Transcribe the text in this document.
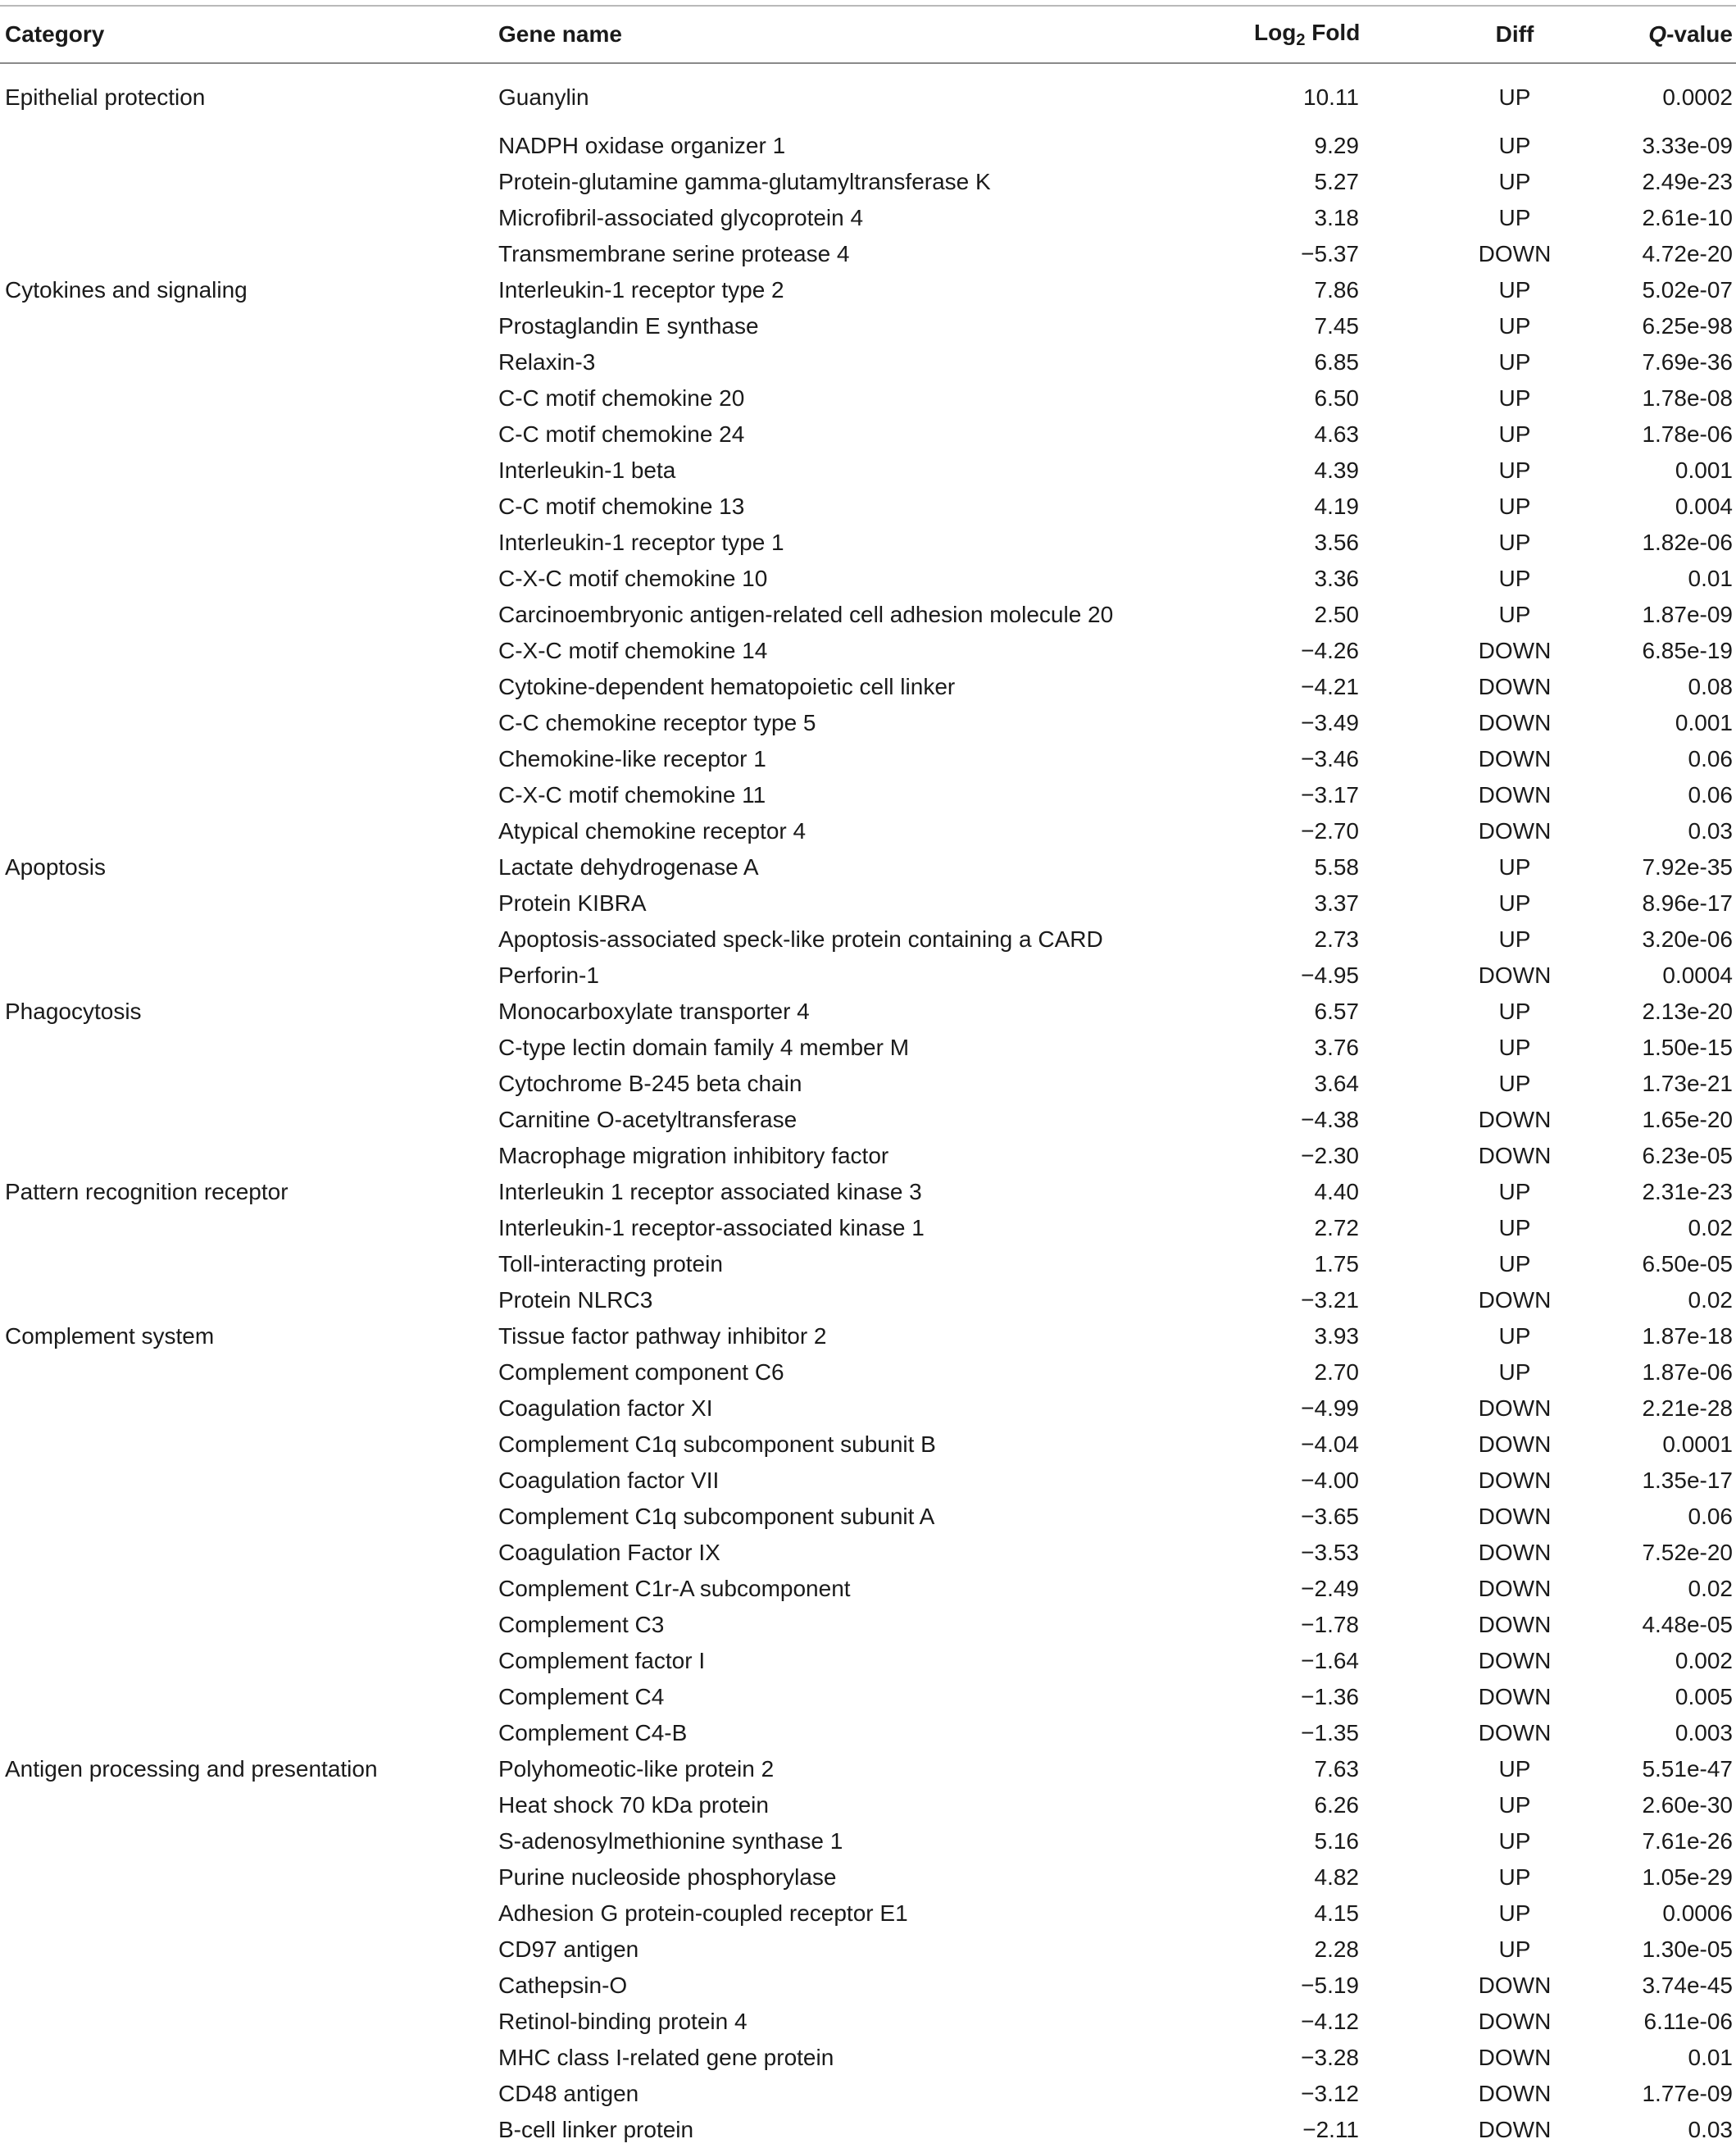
Category	Gene name	Log$_2$ Fold		Diff	Q-value
Epithelial protection	Guanylin	10.11		UP	0.0002
	NADPH oxidase organizer 1	9.29		UP	3.33e-09
	Protein-glutamine gamma-glutamyltransferase K	5.27		UP	2.49e-23
	Microfibril-associated glycoprotein 4	3.18		UP	2.61e-10
	Transmembrane serine protease 4	−5.37		DOWN	4.72e-20
Cytokines and signaling	Interleukin-1 receptor type 2	7.86		UP	5.02e-07
	Prostaglandin E synthase	7.45		UP	6.25e-98
	Relaxin-3	6.85		UP	7.69e-36
	C-C motif chemokine 20	6.50		UP	1.78e-08
	C-C motif chemokine 24	4.63		UP	1.78e-06
	Interleukin-1 beta	4.39		UP	0.001
	C-C motif chemokine 13	4.19		UP	0.004
	Interleukin-1 receptor type 1	3.56		UP	1.82e-06
	C-X-C motif chemokine 10	3.36		UP	0.01
	Carcinoembryonic antigen-related cell adhesion molecule 20	2.50		UP	1.87e-09
	C-X-C motif chemokine 14	−4.26		DOWN	6.85e-19
	Cytokine-dependent hematopoietic cell linker	−4.21		DOWN	0.08
	C-C chemokine receptor type 5	−3.49		DOWN	0.001
	Chemokine-like receptor 1	−3.46		DOWN	0.06
	C-X-C motif chemokine 11	−3.17		DOWN	0.06
	Atypical chemokine receptor 4	−2.70		DOWN	0.03
Apoptosis	Lactate dehydrogenase A	5.58		UP	7.92e-35
	Protein KIBRA	3.37		UP	8.96e-17
	Apoptosis-associated speck-like protein containing a CARD	2.73		UP	3.20e-06
	Perforin-1	−4.95		DOWN	0.0004
Phagocytosis	Monocarboxylate transporter 4	6.57		UP	2.13e-20
	C-type lectin domain family 4 member M	3.76		UP	1.50e-15
	Cytochrome B-245 beta chain	3.64		UP	1.73e-21
	Carnitine O-acetyltransferase	−4.38		DOWN	1.65e-20
	Macrophage migration inhibitory factor	−2.30		DOWN	6.23e-05
Pattern recognition receptor	Interleukin 1 receptor associated kinase 3	4.40		UP	2.31e-23
	Interleukin-1 receptor-associated kinase 1	2.72		UP	0.02
	Toll-interacting protein	1.75		UP	6.50e-05
	Protein NLRC3	−3.21		DOWN	0.02
Complement system	Tissue factor pathway inhibitor 2	3.93		UP	1.87e-18
	Complement component C6	2.70		UP	1.87e-06
	Coagulation factor XI	−4.99		DOWN	2.21e-28
	Complement C1q subcomponent subunit B	−4.04		DOWN	0.0001
	Coagulation factor VII	−4.00		DOWN	1.35e-17
	Complement C1q subcomponent subunit A	−3.65		DOWN	0.06
	Coagulation Factor IX	−3.53		DOWN	7.52e-20
	Complement C1r-A subcomponent	−2.49		DOWN	0.02
	Complement C3	−1.78		DOWN	4.48e-05
	Complement factor I	−1.64		DOWN	0.002
	Complement C4	−1.36		DOWN	0.005
	Complement C4-B	−1.35		DOWN	0.003
Antigen processing and presentation	Polyhomeotic-like protein 2	7.63		UP	5.51e-47
	Heat shock 70 kDa protein	6.26		UP	2.60e-30
	S-adenosylmethionine synthase 1	5.16		UP	7.61e-26
	Purine nucleoside phosphorylase	4.82		UP	1.05e-29
	Adhesion G protein-coupled receptor E1	4.15		UP	0.0006
	CD97 antigen	2.28		UP	1.30e-05
	Cathepsin-O	−5.19		DOWN	3.74e-45
	Retinol-binding protein 4	−4.12		DOWN	6.11e-06
	MHC class I-related gene protein	−3.28		DOWN	0.01
	CD48 antigen	−3.12		DOWN	1.77e-09
	B-cell linker protein	−2.11		DOWN	0.03
